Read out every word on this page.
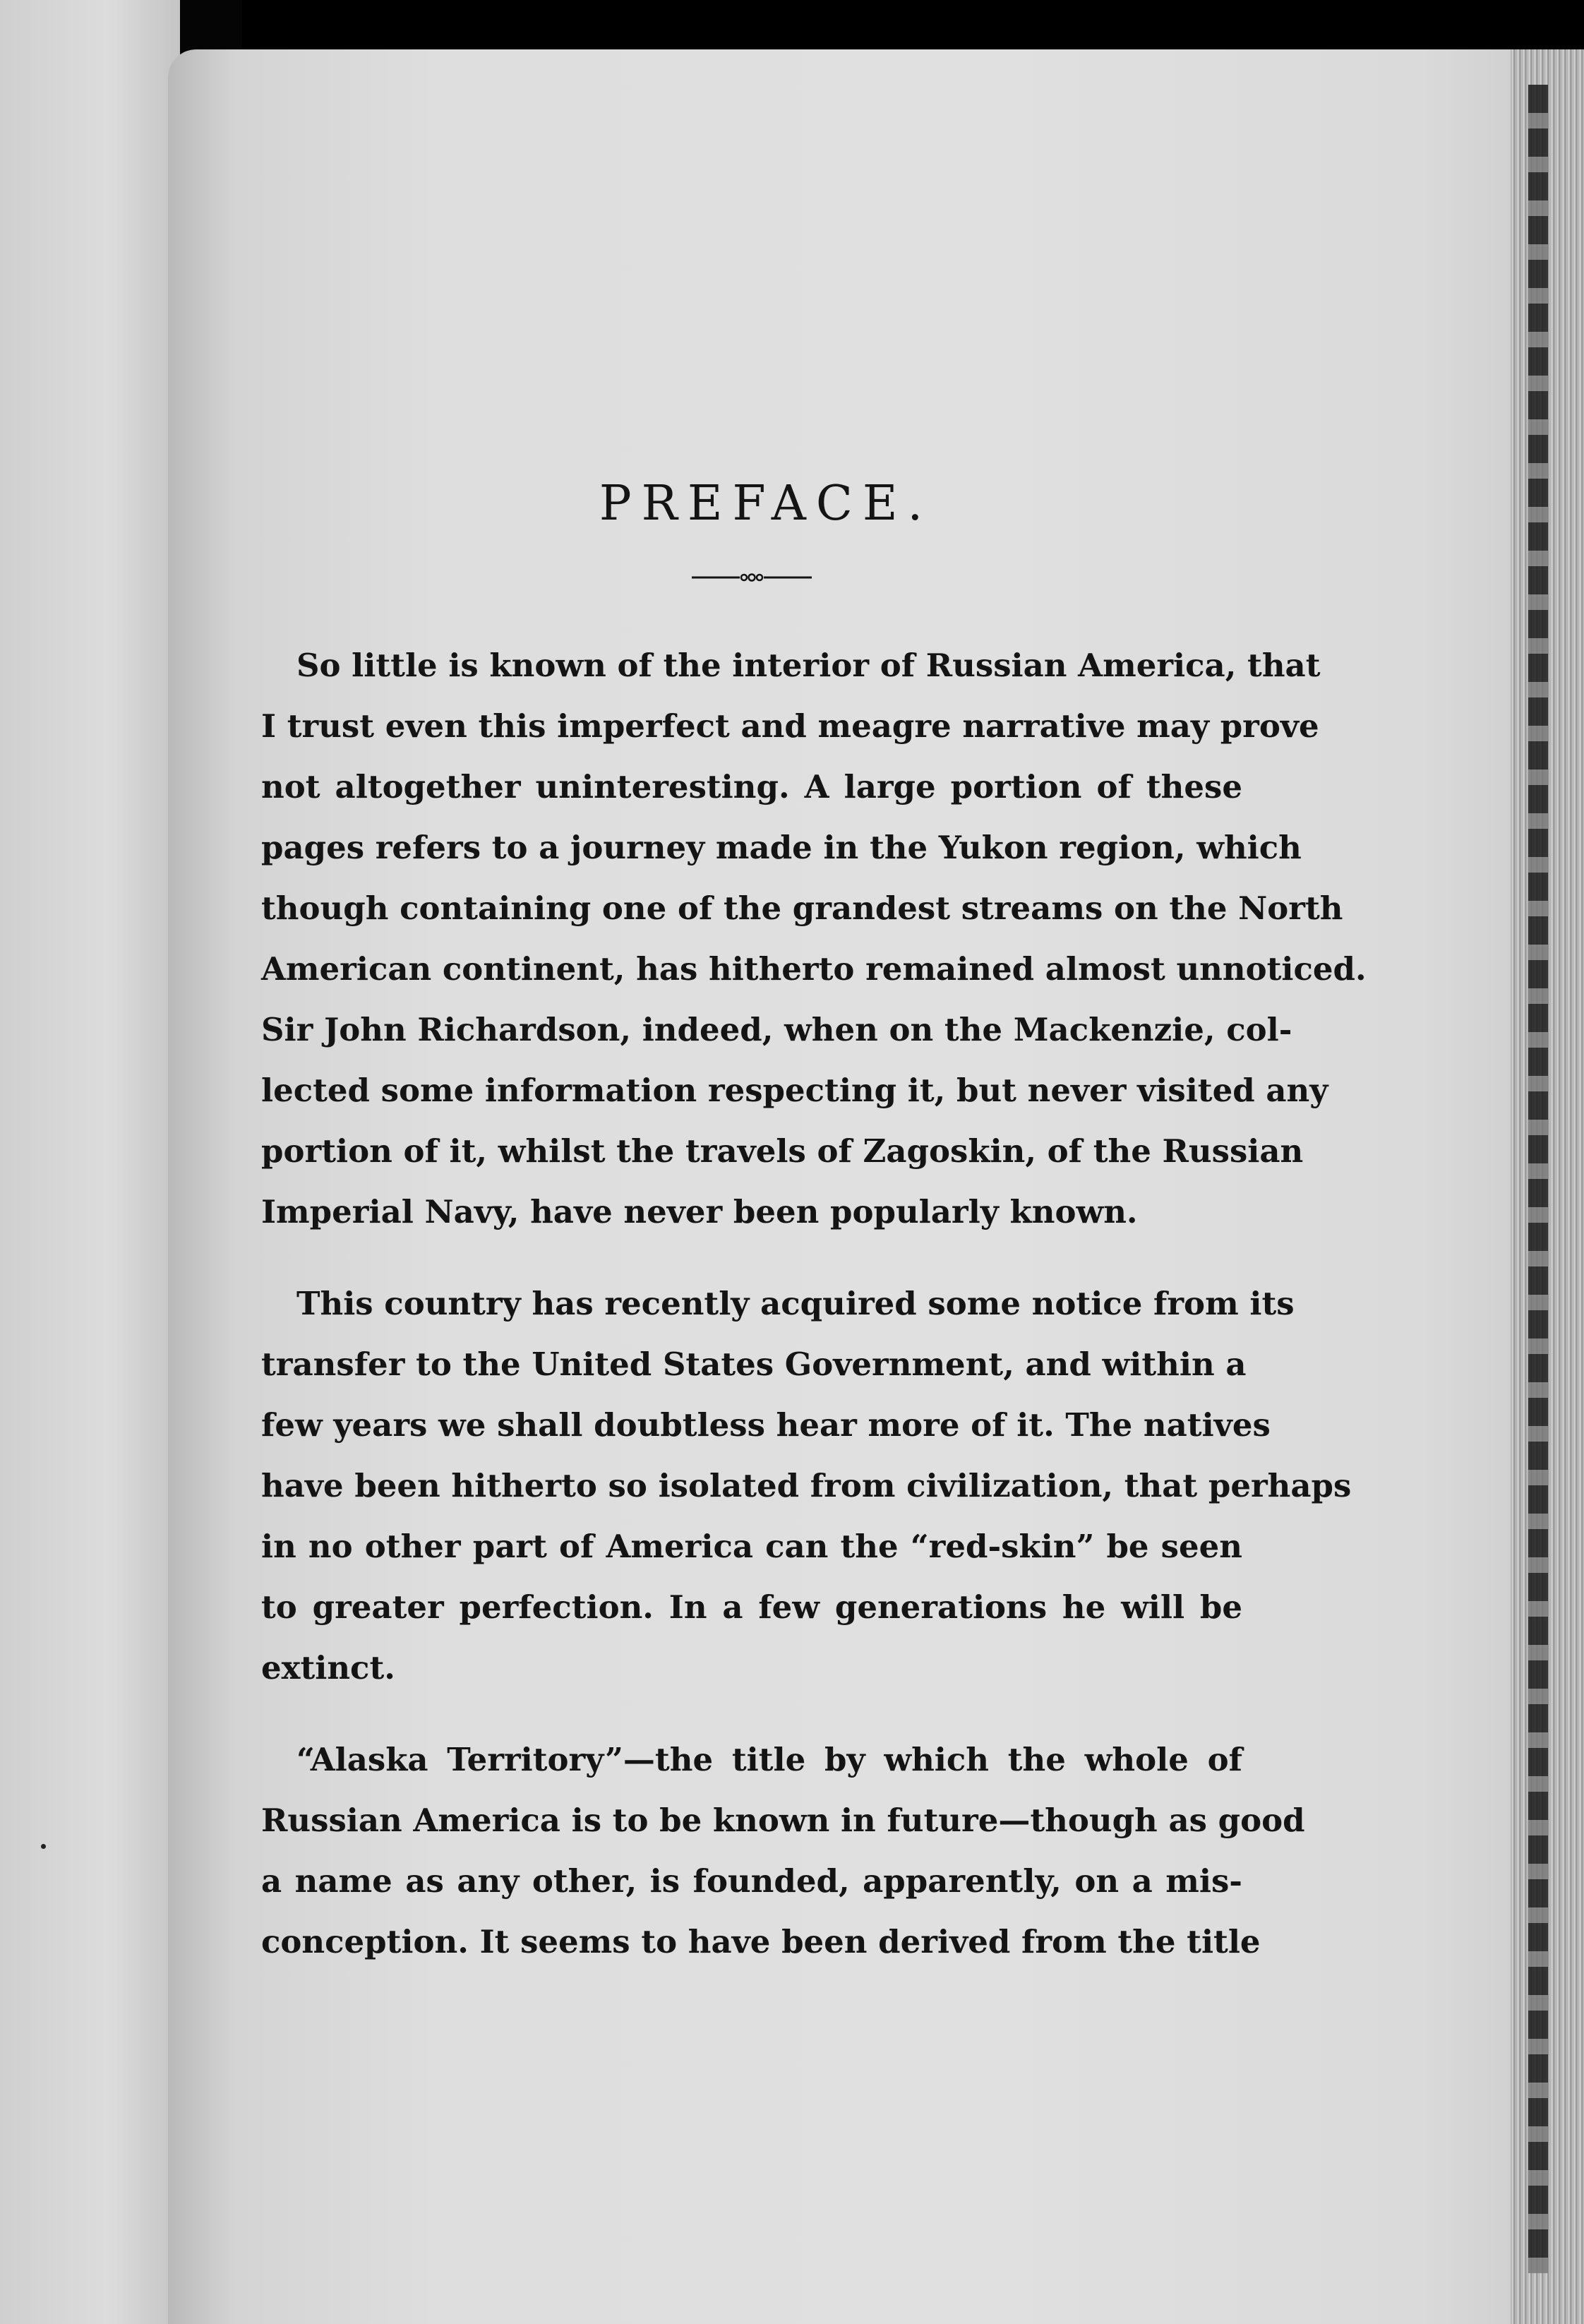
PREFACE.
So little is known of the interior of Russian America, that
I trust even this imperfect and meagre narrative may prove
not altogether uninteresting. A large portion of these
pages refers to a journey made in the Yukon region, which
though containing one of the grandest streams on the North
American continent, has hitherto remained almost unnoticed.
Sir John Richardson, indeed, when on the Mackenzie, col-
lected some information respecting it, but never visited any
portion of it, whilst the travels of Zagoskin, of the Russian
Imperial Navy, have never been popularly known.
This country has recently acquired some notice from its
transfer to the United States Government, and within a
few years we shall doubtless hear more of it. The natives
have been hitherto so isolated from civilization, that perhaps
in no other part of America can the “red-skin” be seen
to greater perfection. In a few generations he will be
extinct.
“Alaska Territory”—the title by which the whole of
Russian America is to be known in future—though as good
a name as any other, is founded, apparently, on a mis-
conception. It seems to have been derived from the title
